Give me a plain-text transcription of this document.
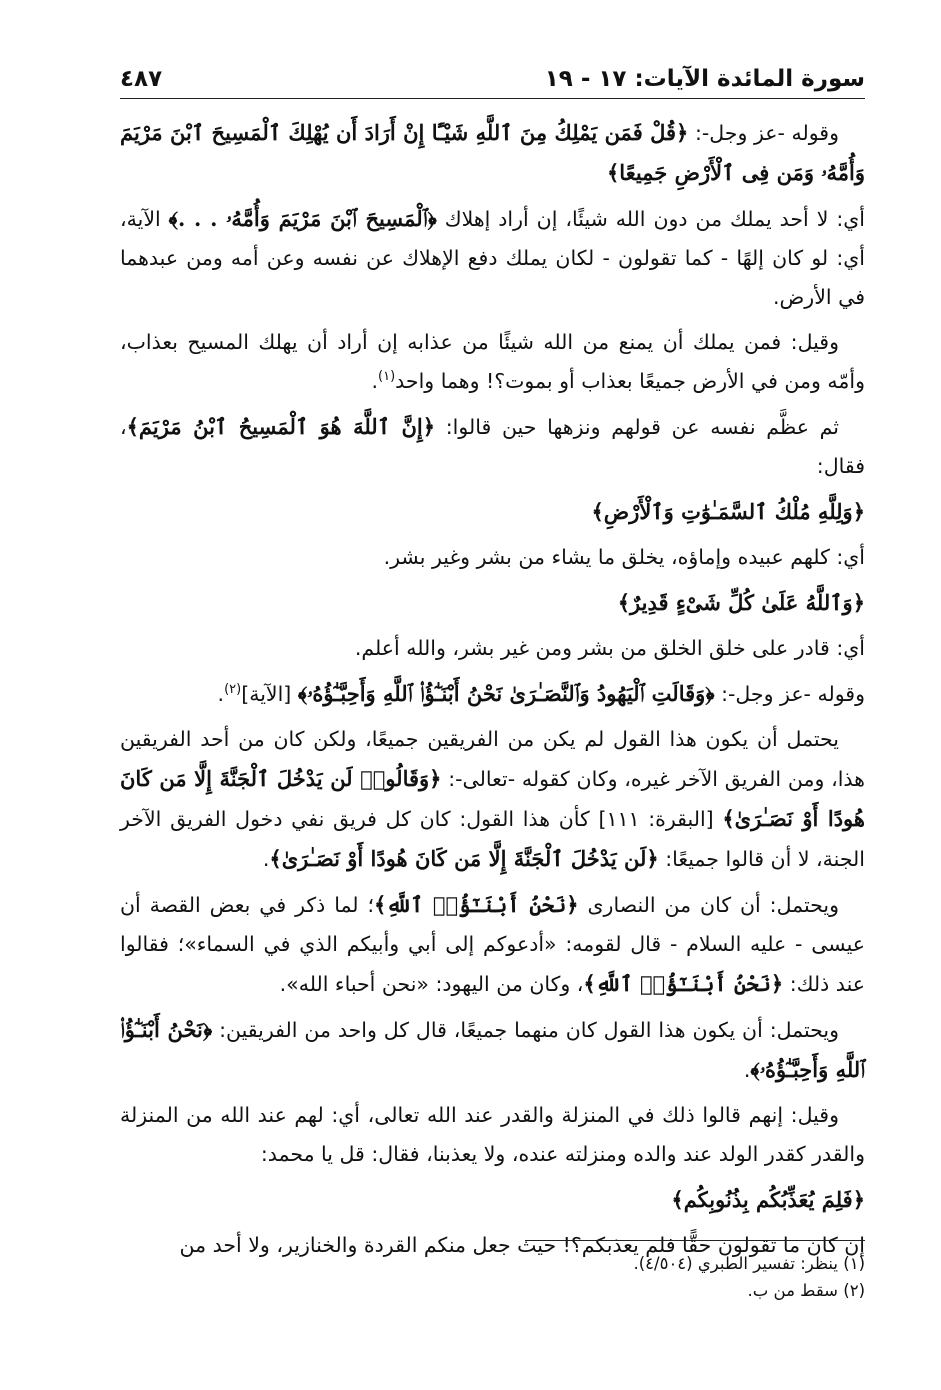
سورة المائدة الآيات: ١٧ - ١٩
٤٨٧
وقوله -عز وجل-: ﴿قُلْ فَمَن يَمْلِكُ مِنَ ٱللَّهِ شَيْـًٔا إِنْ أَرَادَ أَن يُهْلِكَ ٱلْمَسِيحَ ٱبْنَ مَرْيَمَ وَأُمَّهُۥ وَمَن فِى ٱلْأَرْضِ جَمِيعًا﴾
أي: لا أحد يملك من دون الله شيئًا، إن أراد إهلاك ﴿ٱلْمَسِيحَ ٱبْنَ مَرْيَمَ وَأُمَّهُۥ . . .﴾ الآية، أي: لو كان إلهًا - كما تقولون - لكان يملك دفع الإهلاك عن نفسه وعن أمه ومن عبدهما في الأرض.
وقيل: فمن يملك أن يمنع من الله شيئًا من عذابه إن أراد أن يهلك المسيح بعذاب، وأمّه ومن في الأرض جميعًا بعذاب أو بموت؟! وهما واحد$^{(١)}$.
ثم عظَّم نفسه عن قولهم ونزهها حين قالوا: ﴿إِنَّ ٱللَّهَ هُوَ ٱلْمَسِيحُ ٱبْنُ مَرْيَمَ﴾، فقال:
﴿وَلِلَّهِ مُلْكُ ٱلسَّمَـٰوَٰتِ وَٱلْأَرْضِ﴾
أي: كلهم عبيده وإماؤه، يخلق ما يشاء من بشر وغير بشر.
﴿وَٱللَّهُ عَلَىٰ كُلِّ شَىْءٍ قَدِيرٌ﴾
أي: قادر على خلق الخلق من بشر ومن غير بشر، والله أعلم.
وقوله -عز وجل-: ﴿وَقَالَتِ ٱلْيَهُودُ وَٱلنَّصَـٰرَىٰ نَحْنُ أَبْنَـٰٓؤُا۟ ٱللَّهِ وَأَحِبَّـٰٓؤُهُۥ﴾ [الآية]$^{(٢)}$.
يحتمل أن يكون هذا القول لم يكن من الفريقين جميعًا، ولكن كان من أحد الفريقين هذا، ومن الفريق الآخر غيره، وكان كقوله -تعالى-: ﴿وَقَالُوا۟ لَن يَدْخُلَ ٱلْجَنَّةَ إِلَّا مَن كَانَ هُودًا أَوْ نَصَـٰرَىٰ﴾ [البقرة: ١١١] كأن هذا القول: كان كل فريق نفي دخول الفريق الآخر الجنة، لا أن قالوا جميعًا: ﴿لَن يَدْخُلَ ٱلْجَنَّةَ إِلَّا مَن كَانَ هُودًا أَوْ نَصَـٰرَىٰ﴾.
ويحتمل: أن كان من النصارى ﴿نَحْنُ أَبْنَـٰٓؤُا۟ ٱللَّهِ﴾؛ لما ذكر في بعض القصة أن عيسى - عليه السلام - قال لقومه: «أدعوكم إلى أبي وأبيكم الذي في السماء»؛ فقالوا عند ذلك: ﴿نَحْنُ أَبْنَـٰٓؤُا۟ ٱللَّهِ﴾، وكان من اليهود: «نحن أحباء الله».
ويحتمل: أن يكون هذا القول كان منهما جميعًا، قال كل واحد من الفريقين: ﴿نَحْنُ أَبْنَـٰٓؤُا۟ ٱللَّهِ وَأَحِبَّـٰٓؤُهُۥ﴾.
وقيل: إنهم قالوا ذلك في المنزلة والقدر عند الله تعالى، أي: لهم عند الله من المنزلة والقدر كقدر الولد عند والده ومنزلته عنده، ولا يعذبنا، فقال: قل يا محمد:
﴿فَلِمَ يُعَذِّبُكُم بِذُنُوبِكُم﴾
إن كان ما تقولون حقًّا فلم يعذبكم؟! حيث جعل منكم القردة والخنازير، ولا أحد من
(١) ينظر: تفسير الطبري (٤/٥٠٤).
(٢) سقط من ب.
